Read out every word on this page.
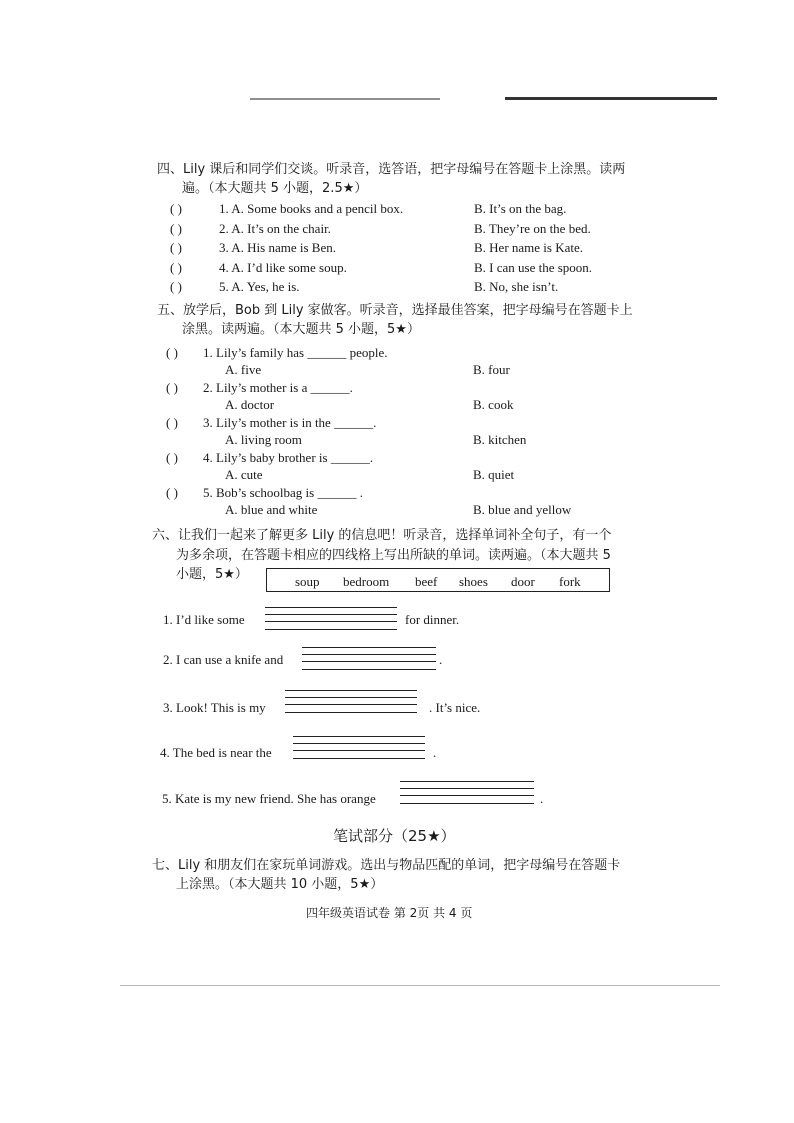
四、Lily 课后和同学们交谈。听录音，选答语，把字母编号在答题卡上涂黑。读两
遍。（本大题共 5 小题，2.5★）
( )	1. A. Some books and a pencil box.	B. It’s on the bag.
( )	2. A. It’s on the chair.	B. They’re on the bed.
( )	3. A. His name is Ben.	B. Her name is Kate.
( )	4. A. I’d like some soup.	B. I can use the spoon.
( )	5. A. Yes, he is.	B. No, she isn’t.
五、放学后，Bob 到 Lily 家做客。听录音，选择最佳答案，把字母编号在答题卡上
涂黑。读两遍。（本大题共 5 小题，5★）
( ) 1. Lily’s family has ______ people.
A. five	B. four
( ) 2. Lily’s mother is a ______.
A. doctor	B. cook
( ) 3. Lily’s mother is in the ______.
A. living room	B. kitchen
( ) 4. Lily’s baby brother is ______.
A. cute	B. quiet
( ) 5. Bob’s schoolbag is ______ .
A. blue and white	B. blue and yellow
六、让我们一起来了解更多 Lily 的信息吧！听录音，选择单词补全句子，有一个
为多余项，在答题卡相应的四线格上写出所缺的单词。读两遍。（本大题共 5
小题，5★）	soup bedroom beef shoes door fork
1. I’d like some	for dinner.
2. I can use a knife and	.
3. Look! This is my	. It’s nice.
4. The bed is near the	.
5. Kate is my new friend. She has orange	.
笔试部分（25★）
七、Lily 和朋友们在家玩单词游戏。选出与物品匹配的单词，把字母编号在答题卡
上涂黑。（本大题共 10 小题，5★）
四年级英语试卷 第 2页 共 4 页
